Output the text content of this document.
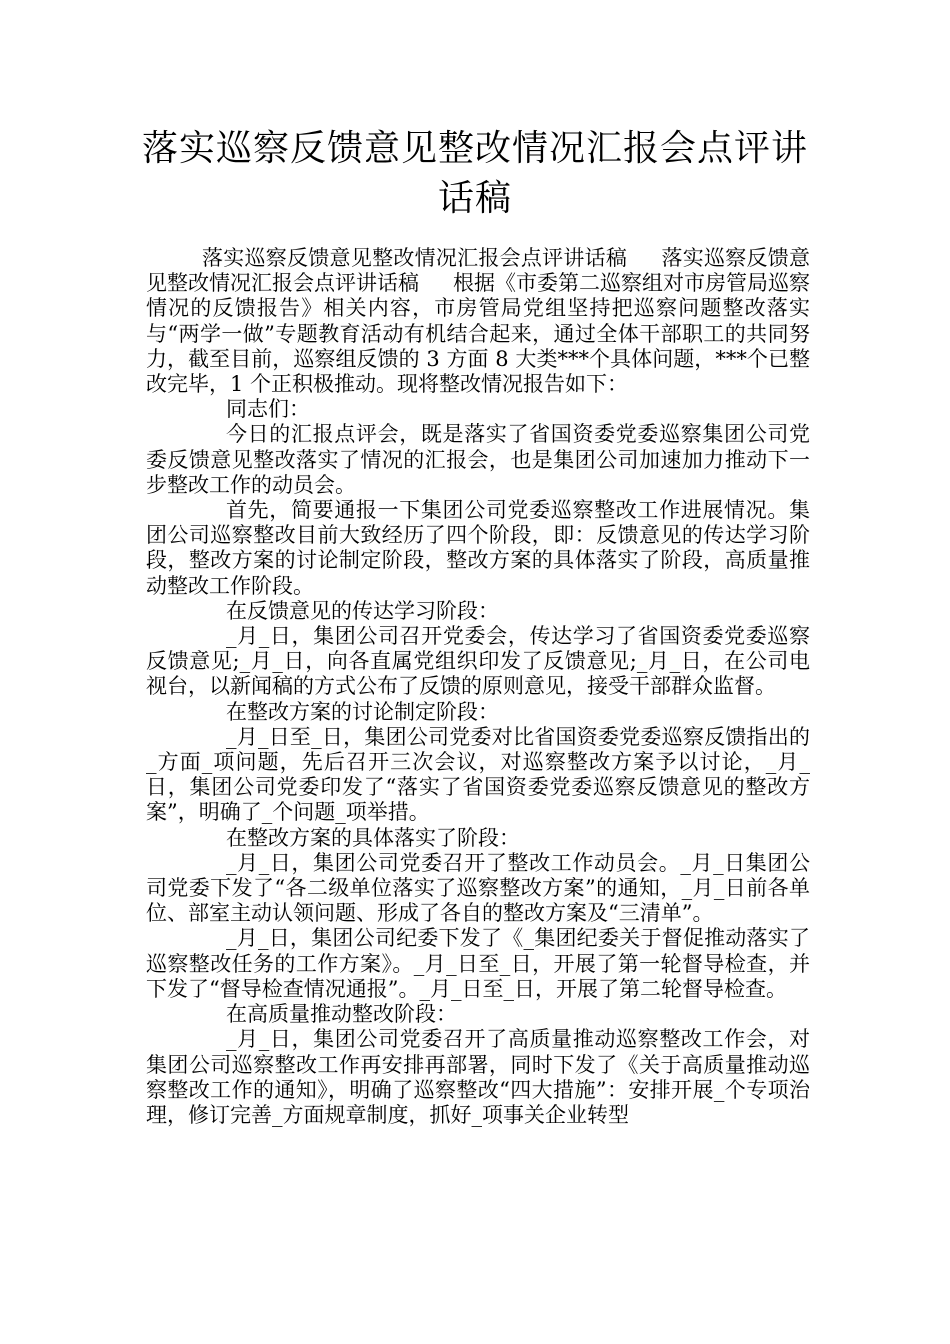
落实巡察反馈意见整改情况汇报会点评讲话稿

落实巡察反馈意见整改情况汇报会点评讲话稿 落实巡察反馈意见整改情况汇报会点评讲话稿 根据《市委第二巡察组对市房管局巡察情况的反馈报告》相关内容，市房管局党组坚持把巡察问题整改落实与“两学一做”专题教育活动有机结合起来，通过全体干部职工的共同努力，截至目前，巡察组反馈的 3 方面 8 大类***个具体问题，***个已整改完毕，1 个正积极推动。现将整改情况报告如下：

同志们：

今日的汇报点评会，既是落实了省国资委党委巡察集团公司党委反馈意见整改落实了情况的汇报会，也是集团公司加速加力推动下一步整改工作的动员会。

首先，简要通报一下集团公司党委巡察整改工作进展情况。集团公司巡察整改目前大致经历了四个阶段，即：反馈意见的传达学习阶段，整改方案的讨论制定阶段，整改方案的具体落实了阶段，高质量推动整改工作阶段。

在反馈意见的传达学习阶段：

_月_日，集团公司召开党委会，传达学习了省国资委党委巡察反馈意见;_月_日，向各直属党组织印发了反馈意见;_月_日，在公司电视台，以新闻稿的方式公布了反馈的原则意见，接受干部群众监督。

在整改方案的讨论制定阶段：

_月_日至_日，集团公司党委对比省国资委党委巡察反馈指出的_方面_项问题，先后召开三次会议，对巡察整改方案予以讨论，_月_日，集团公司党委印发了“落实了省国资委党委巡察反馈意见的整改方案”，明确了_个问题_项举措。

在整改方案的具体落实了阶段：

_月_日，集团公司党委召开了整改工作动员会。_月_日集团公司党委下发了“各二级单位落实了巡察整改方案”的通知，_月_日前各单位、部室主动认领问题、形成了各自的整改方案及“三清单”。

_月_日，集团公司纪委下发了《_集团纪委关于督促推动落实了巡察整改任务的工作方案》。_月_日至_日，开展了第一轮督导检查，并下发了“督导检查情况通报”。_月_日至_日，开展了第二轮督导检查。

在高质量推动整改阶段：

_月_日，集团公司党委召开了高质量推动巡察整改工作会，对集团公司巡察整改工作再安排再部署，同时下发了《关于高质量推动巡察整改工作的通知》，明确了巡察整改“四大措施”：安排开展_个专项治理，修订完善_方面规章制度，抓好_项事关企业转型
